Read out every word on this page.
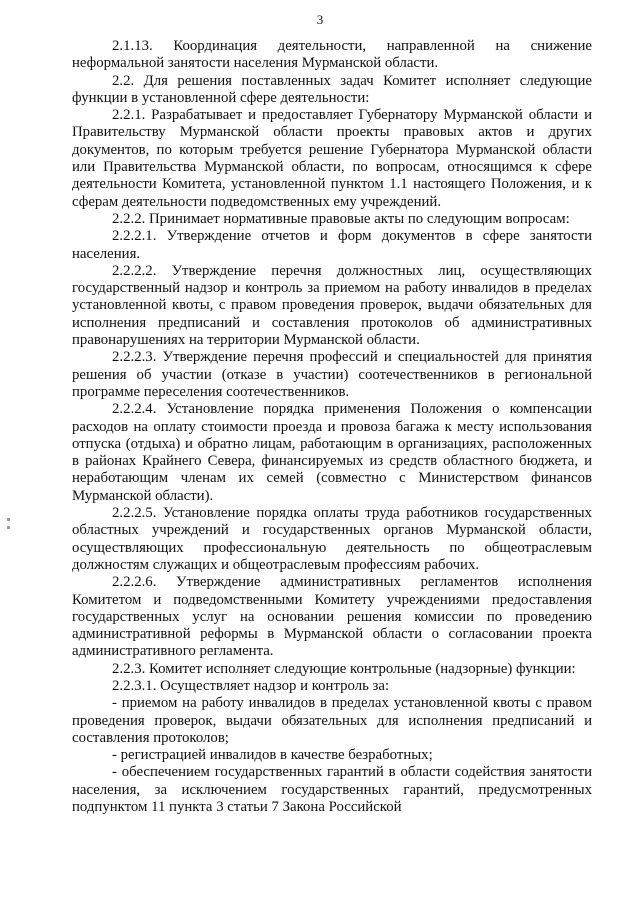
3

2.1.13. Координация деятельности, направленной на снижение неформальной занятости населения Мурманской области.

2.2. Для решения поставленных задач Комитет исполняет следующие функции в установленной сфере деятельности:

2.2.1. Разрабатывает и предоставляет Губернатору Мурманской области и Правительству Мурманской области проекты правовых актов и других документов, по которым требуется решение Губернатора Мурманской области или Правительства Мурманской области, по вопросам, относящимся к сфере деятельности Комитета, установленной пунктом 1.1 настоящего Положения, и к сферам деятельности подведомственных ему учреждений.

2.2.2. Принимает нормативные правовые акты по следующим вопросам:

2.2.2.1. Утверждение отчетов и форм документов в сфере занятости населения.

2.2.2.2. Утверждение перечня должностных лиц, осуществляющих государственный надзор и контроль за приемом на работу инвалидов в пределах установленной квоты, с правом проведения проверок, выдачи обязательных для исполнения предписаний и составления протоколов об административных правонарушениях на территории Мурманской области.

2.2.2.3. Утверждение перечня профессий и специальностей для принятия решения об участии (отказе в участии) соотечественников в региональной программе переселения соотечественников.

2.2.2.4. Установление порядка применения Положения о компенсации расходов на оплату стоимости проезда и провоза багажа к месту использования отпуска (отдыха) и обратно лицам, работающим в организациях, расположенных в районах Крайнего Севера, финансируемых из средств областного бюджета, и неработающим членам их семей (совместно с Министерством финансов Мурманской области).

2.2.2.5. Установление порядка оплаты труда работников государственных областных учреждений и государственных органов Мурманской области, осуществляющих профессиональную деятельность по общеотраслевым должностям служащих и общеотраслевым профессиям рабочих.

2.2.2.6. Утверждение административных регламентов исполнения Комитетом и подведомственными Комитету учреждениями предоставления государственных услуг на основании решения комиссии по проведению административной реформы в Мурманской области о согласовании проекта административного регламента.

2.2.3. Комитет исполняет следующие контрольные (надзорные) функции:

2.2.3.1. Осуществляет надзор и контроль за:

- приемом на работу инвалидов в пределах установленной квоты с правом проведения проверок, выдачи обязательных для исполнения предписаний и составления протоколов;

- регистрацией инвалидов в качестве безработных;

- обеспечением государственных гарантий в области содействия занятости населения, за исключением государственных гарантий, предусмотренных подпунктом 11 пункта 3 статьи 7 Закона Российской
